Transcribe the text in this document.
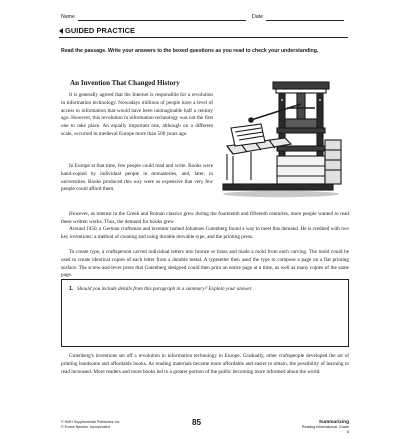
Name	Date
GUIDED PRACTICE

Read the passage. Write your answers to the boxed questions as you read to check your understanding.

An Invention That Changed History

It is generally agreed that the Internet is responsible for a revolution in information technology. Nowadays millions of people have a level of access to information that would have been unimaginable half a century ago. However, this revolution in information technology was not the first one to take place. An equally important one, although on a different scale, occurred in medieval Europe more than 500 years ago.

In Europe at that time, few people could read and write. Books were hand-copied by individual people in monasteries, and, later, in universities. Books produced this way were so expensive that very few people could afford them.

However, as interest in the Greek and Roman classics grew during the fourteenth and fifteenth centuries, more people wanted to read these written works. Thus, the demand for books grew.

Around 1450, a German craftsman and inventor named Johannes Gutenberg found a way to meet this demand. He is credited with two key inventions: a method of creating and using durable movable type, and the printing press.

To create type, a craftsperson carved individual letters into bronze or brass and made a mold from each carving. The mold could be used to create identical copies of each letter from a durable metal. A typesetter then used the type to compose a page on a flat printing surface. The screw-and-lever press that Gutenberg designed could then print an entire page at a time, as well as many copies of the same page.

1. Should you include details from this paragraph in a summary? Explain your answer.

Gutenberg's inventions set off a revolution in information technology in Europe. Gradually, other craftspeople developed the art of printing handsome and affordable books. As reading materials became more affordable and easier to obtain, the possibility of learning to read increased. More readers and more books led to a greater portion of the public becoming more informed about the world.

© HMH Supplemental Publishers Inc.
© Evans Newton, Incorporated	85	Summarizing
Reading Informational, Grade 8
